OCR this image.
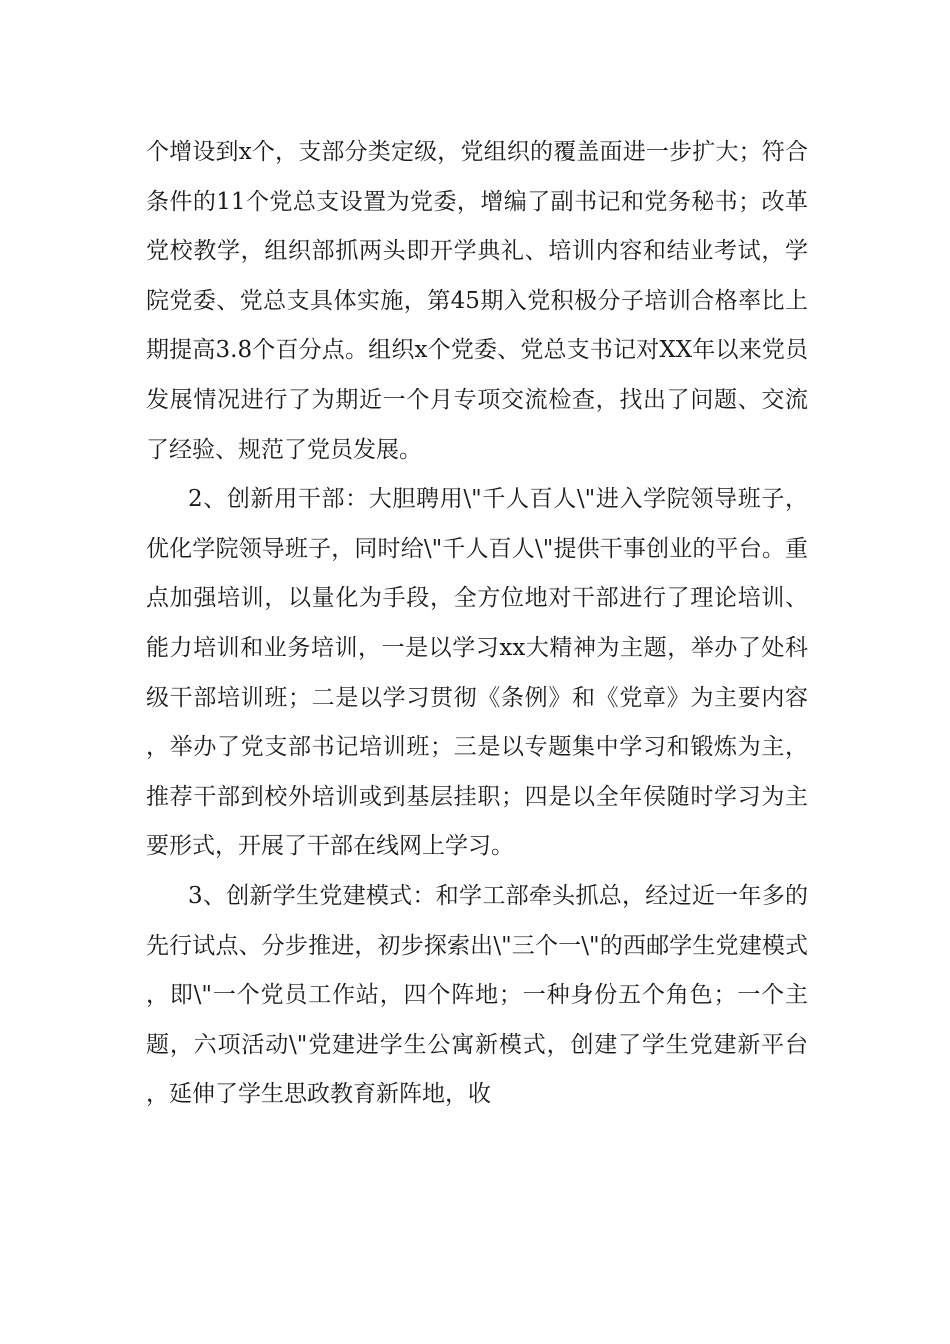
个增设到x个，支部分类定级，党组织的覆盖面进一步扩大；符合条件的11个党总支设置为党委，增编了副书记和党务秘书；改革党校教学，组织部抓两头即开学典礼、培训内容和结业考试，学院党委、党总支具体实施，第45期入党积极分子培训合格率比上期提高3.8个百分点。组织x个党委、党总支书记对XX年以来党员发展情况进行了为期近一个月专项交流检查，找出了问题、交流了经验、规范了党员发展。

2、创新用干部：大胆聘用\"千人百人\"进入学院领导班子，优化学院领导班子，同时给\"千人百人\"提供干事创业的平台。重点加强培训，以量化为手段，全方位地对干部进行了理论培训、能力培训和业务培训，一是以学习xx大精神为主题，举办了处科级干部培训班；二是以学习贯彻《条例》和《党章》为主要内容，举办了党支部书记培训班；三是以专题集中学习和锻炼为主，推荐干部到校外培训或到基层挂职；四是以全年侯随时学习为主要形式，开展了干部在线网上学习。

3、创新学生党建模式：和学工部牵头抓总，经过近一年多的先行试点、分步推进，初步探索出\"三个一\"的西邮学生党建模式，即\"一个党员工作站，四个阵地；一种身份五个角色；一个主题，六项活动\"党建进学生公寓新模式，创建了学生党建新平台，延伸了学生思政教育新阵地，收
